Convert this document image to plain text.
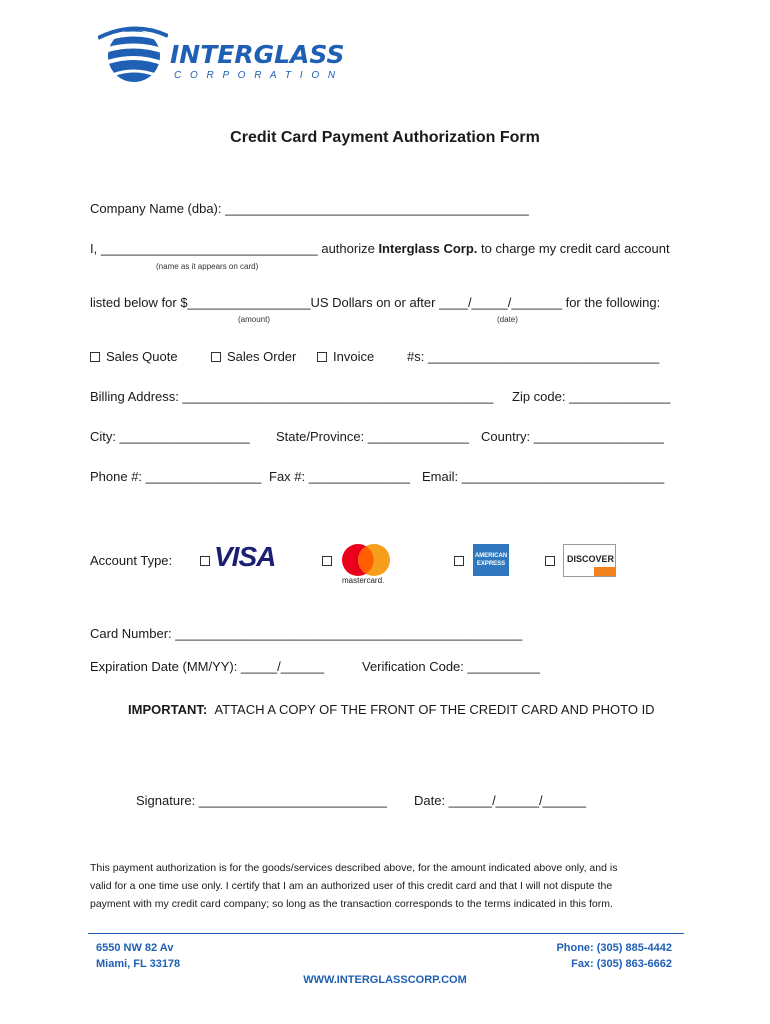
INTERGLASS
C O R P O R A T I O N
Credit Card Payment Authorization Form
Company Name (dba): __________________________________________
I, ______________________________ authorize Interglass Corp. to charge my credit card account
(name as it appears on card)
listed below for $_________________US Dollars on or after ____/_____/_______ for the following:
(amount)	(date)
Sales Quote	Sales Order	Invoice	#s: ________________________________
Billing Address: ___________________________________________ Zip code: ______________
City: __________________ State/Province: ______________ Country: __________________
Phone #: ________________ Fax #: ______________ Email: ____________________________
Account Type: VISA
mastercard.
AMERICAN
EXPRESS	DISCOVER
Card Number: ________________________________________________
Expiration Date (MM/YY): _____/______	Verification Code: __________
IMPORTANT: ATTACH A COPY OF THE FRONT OF THE CREDIT CARD AND PHOTO ID
Signature: __________________________ Date: ______/______/______
This payment authorization is for the goods/services described above, for the amount indicated above only, and is
valid for a one time use only. I certify that I am an authorized user of this credit card and that I will not dispute the
payment with my credit card company; so long as the transaction corresponds to the terms indicated in this form.
6550 NW 82 Av
Miami, FL 33178
Phone: (305) 885-4442
Fax: (305) 863-6662
WWW.INTERGLASSCORP.COM
